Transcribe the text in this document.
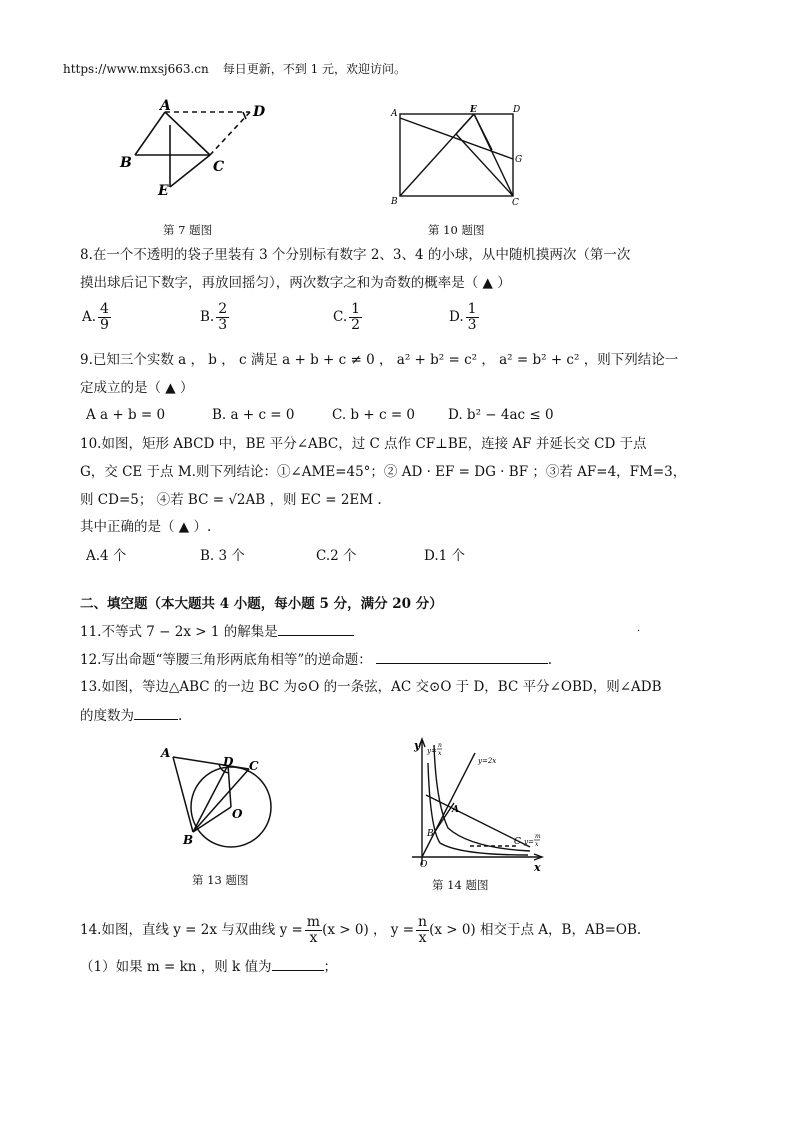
https://www.mxsj663.cn 每日更新，不到 1 元，欢迎访问。
A
B	C
D
E
第 7 题图
A	E	D
G
B	C
第 10 题图
8.在一个不透明的袋子里装有 3 个分别标有数字 2、3、4 的小球，从中随机摸两次（第一次
摸出球后记下数字，再放回摇匀），两次数字之和为奇数的概率是（ ▲ ）
A. $\frac{4}{9}$	B. $\frac{2}{3}$	C. $\frac{1}{2}$	D. $\frac{1}{3}$
9.已知三个实数 a ， b ， c 满足 a + b + c ≠ 0 ， a² + b² = c² ， a² = b² + c² ，则下列结论一
定成立的是（ ▲ ）
A a + b = 0	B. a + c = 0	C. b + c = 0 D. b² − 4ac ≤ 0
10.如图，矩形 ABCD 中，BE 平分∠ABC，过 C 点作 CF⊥BE，连接 AF 并延长交 CD 于点
G，交 CE 于点 M.则下列结论：①∠AME=45°；② AD · EF = DG · BF ；③若 AF=4，FM=3，
则 CD=5； ④若 BC = √2AB ，则 EC = 2EM .
其中正确的是（ ▲ ）.
A.4 个	B. 3 个	C.2 个	D.1 个
二、填空题（本大题共 4 小题，每小题 5 分，满分 20 分）
11.不等式 7 − 2x > 1 的解集是	·
12.写出命题“等腰三角形两底角相等”的逆命题：	.
13.如图，等边△ABC 的一边 BC 为⊙O 的一条弦，AC 交⊙O 于 D，BC 平分∠OBD，则∠ADB
的度数为	.
A
D C
O
B
第 13 题图
y
x
O
A
B
C
y=2x
y=
n
x
y=
m
x
第 14 题图
14.如图，直线 y = 2x 与双曲线 $y = \frac{m}{x} (x > 0)$ ， $y = \frac{n}{x} (x > 0)$ 相交于点 A，B，AB=OB.
（1）如果 m = kn ，则 k 值为	；
